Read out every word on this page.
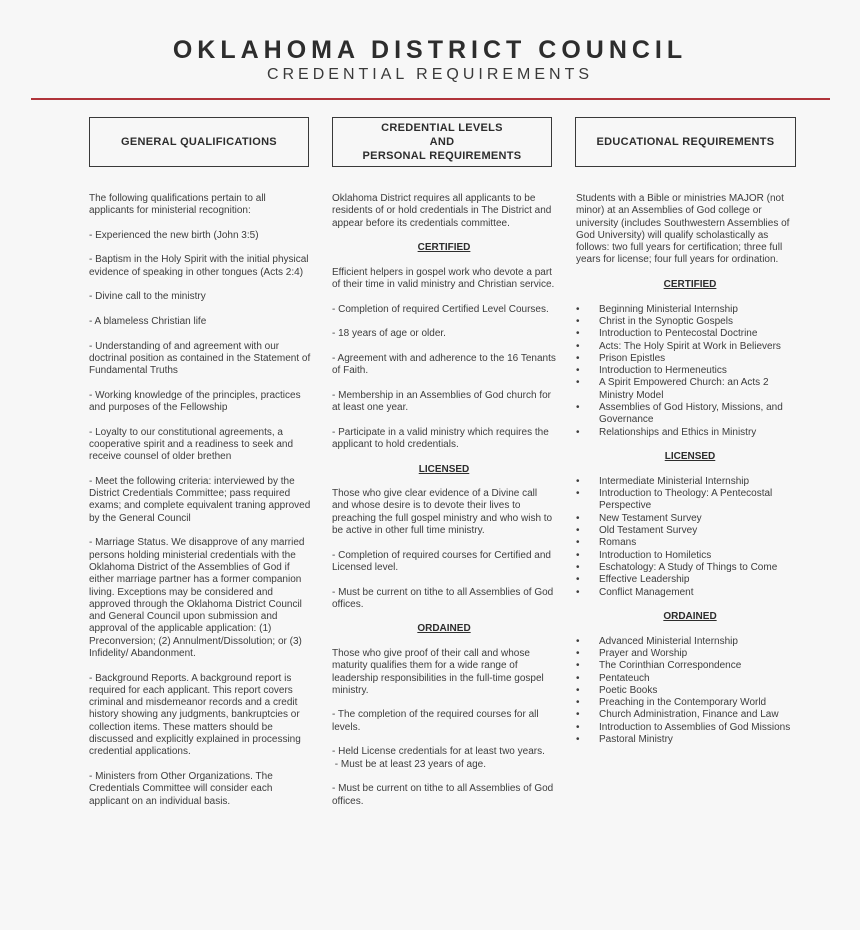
OKLAHOMA DISTRICT COUNCIL
CREDENTIAL REQUIREMENTS
GENERAL QUALIFICATIONS
CREDENTIAL LEVELS
AND
PERSONAL REQUIREMENTS
EDUCATIONAL REQUIREMENTS

The following qualifications pertain to all applicants for ministerial recognition:

- Experienced the new birth (John 3:5)

- Baptism in the Holy Spirit with the initial physical evidence of speaking in other tongues (Acts 2:4)

- Divine call to the ministry

- A blameless Christian life

- Understanding of and agreement with our doctrinal position as contained in the Statement of Fundamental Truths

- Working knowledge of the principles, practices and purposes of the Fellowship

- Loyalty to our constitutional agreements, a cooperative spirit and a readiness to seek and receive counsel of older brethen

- Meet the following criteria: interviewed by the District Credentials Committee; pass required exams; and complete equivalent traning approved by the General Council

- Marriage Status. We disapprove of any married persons holding ministerial credentials with the Oklahoma District of the Assemblies of God if either marriage partner has a former companion living. Exceptions may be considered and approved through the Oklahoma District Council and General Council upon submission and approval of the applicable application: (1) Preconversion; (2) Annulment/Dissolution; or (3) Infidelity/ Abandonment.

- Background Reports. A background report is required for each applicant. This report covers criminal and misdemeanor records and a credit history showing any judgments, bankruptcies or collection items. These matters should be discussed and explicitly explained in processing credential applications.

- Ministers from Other Organizations. The Credentials Committee will consider each applicant on an individual basis.

Oklahoma District requires all applicants to be residents of or hold credentials in The District and appear before its credentials committee.

CERTIFIED

Efficient helpers in gospel work who devote a part of their time in valid ministry and Christian service.

- Completion of required Certified Level Courses.

- 18 years of age or older.

- Agreement with and adherence to the 16 Tenants of Faith.

- Membership in an Assemblies of God church for at least one year.

- Participate in a valid ministry which requires the applicant to hold credentials.

LICENSED

Those who give clear evidence of a Divine call and whose desire is to devote their lives to preaching the full gospel ministry and who wish to be active in other full time ministry.

- Completion of required courses for Certified and Licensed level.

- Must be current on tithe to all Assemblies of God offices.

ORDAINED

Those who give proof of their call and whose maturity qualifies them for a wide range of leadership responsibilities in the full-time gospel ministry.

- The completion of the required courses for all levels.

- Held License credentials for at least two years.

- Must be at least 23 years of age.

- Must be current on tithe to all Assemblies of God offices.

Students with a Bible or ministries MAJOR (not minor) at an Assemblies of God college or university (includes Southwestern Assemblies of God University) will qualify scholastically as follows: two full years for certification; three full years for license; four full years for ordination.

CERTIFIED
• Beginning Ministerial Internship
• Christ in the Synoptic Gospels
• Introduction to Pentecostal Doctrine
• Acts: The Holy Spirit at Work in Believers
• Prison Epistles
• Introduction to Hermeneutics
• A Spirit Empowered Church: an Acts 2 Ministry Model
• Assemblies of God History, Missions, and Governance
• Relationships and Ethics in Ministry
LICENSED
• Intermediate Ministerial Internship
• Introduction to Theology: A Pentecostal Perspective
• New Testament Survey
• Old Testament Survey
• Romans
• Introduction to Homiletics
• Eschatology: A Study of Things to Come
• Effective Leadership
• Conflict Management
ORDAINED
• Advanced Ministerial Internship
• Prayer and Worship
• The Corinthian Correspondence
• Pentateuch
• Poetic Books
• Preaching in the Contemporary World
• Church Administration, Finance and Law
• Introduction to Assemblies of God Missions
• Pastoral Ministry
